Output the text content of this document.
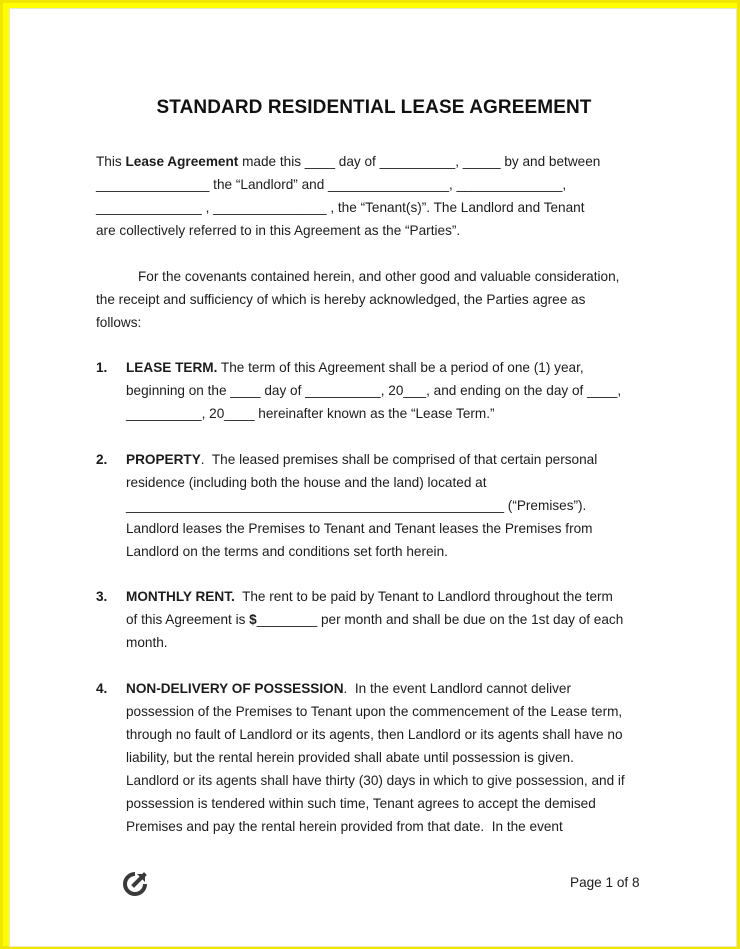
STANDARD RESIDENTIAL LEASE AGREEMENT
This Lease Agreement made this ____ day of __________, _____ by and between
_______________ the “Landlord” and ________________, ______________,
______________ , _______________ , the “Tenant(s)”. The Landlord and Tenant
are collectively referred to in this Agreement as the “Parties”.
For the covenants contained herein, and other good and valuable consideration,
the receipt and sufficiency of which is hereby acknowledged, the Parties agree as
follows:
1. LEASE TERM. The term of this Agreement shall be a period of one (1) year,
beginning on the ____ day of __________, 20___, and ending on the day of ____,
__________, 20____ hereinafter known as the “Lease Term.”
2. PROPERTY.  The leased premises shall be comprised of that certain personal
residence (including both the house and the land) located at
__________________________________________________ (“Premises”).
Landlord leases the Premises to Tenant and Tenant leases the Premises from
Landlord on the terms and conditions set forth herein.
3. MONTHLY RENT.  The rent to be paid by Tenant to Landlord throughout the term
of this Agreement is $________ per month and shall be due on the 1st day of each
month.
4. NON-DELIVERY OF POSSESSION.  In the event Landlord cannot deliver
possession of the Premises to Tenant upon the commencement of the Lease term,
through no fault of Landlord or its agents, then Landlord or its agents shall have no
liability, but the rental herein provided shall abate until possession is given.
Landlord or its agents shall have thirty (30) days in which to give possession, and if
possession is tendered within such time, Tenant agrees to accept the demised
Premises and pay the rental herein provided from that date.  In the event
Page 1 of 8
